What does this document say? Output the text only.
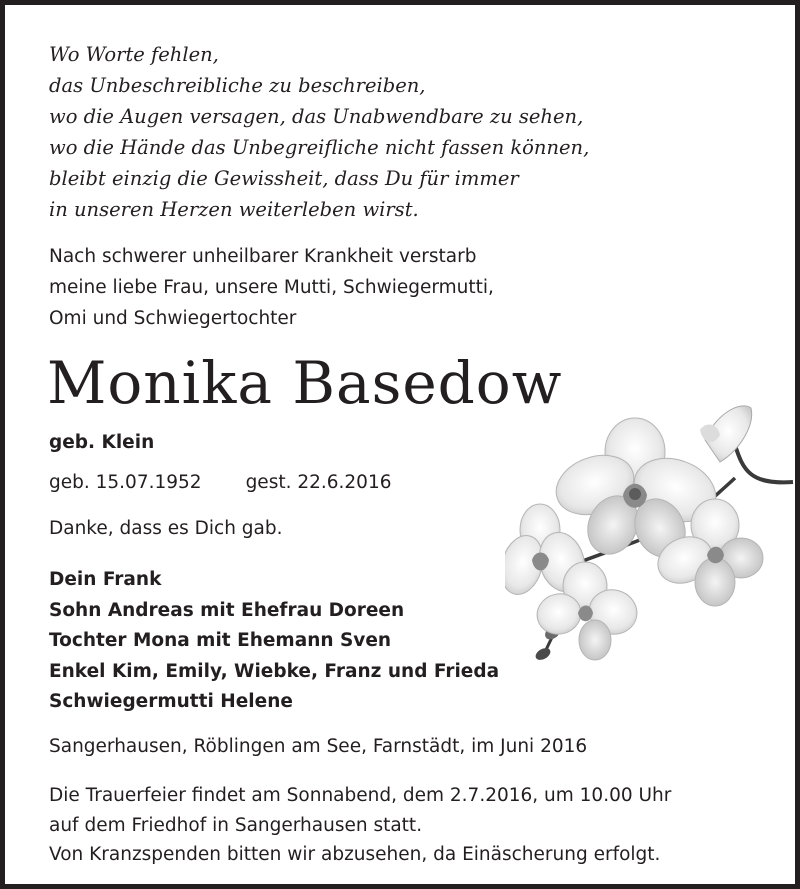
Wo Worte fehlen,
das Unbeschreibliche zu beschreiben,
wo die Augen versagen, das Unabwendbare zu sehen,
wo die Hände das Unbegreifliche nicht fassen können,
bleibt einzig die Gewissheit, dass Du für immer
in unseren Herzen weiterleben wirst.
Nach schwerer unheilbarer Krankheit verstarb
meine liebe Frau, unsere Mutti, Schwiegermutti,
Omi und Schwiegertochter
Monika Basedow
geb. Klein
geb. 15.07.1952 gest. 22.6.2016
Danke, dass es Dich gab.
Dein Frank
Sohn Andreas mit Ehefrau Doreen
Tochter Mona mit Ehemann Sven
Enkel Kim, Emily, Wiebke, Franz und Frieda
Schwiegermutti Helene
Sangerhausen, Röblingen am See, Farnstädt, im Juni 2016
Die Trauerfeier findet am Sonnabend, dem 2.7.2016, um 10.00 Uhr
auf dem Friedhof in Sangerhausen statt.
Von Kranzspenden bitten wir abzusehen, da Einäscherung erfolgt.
